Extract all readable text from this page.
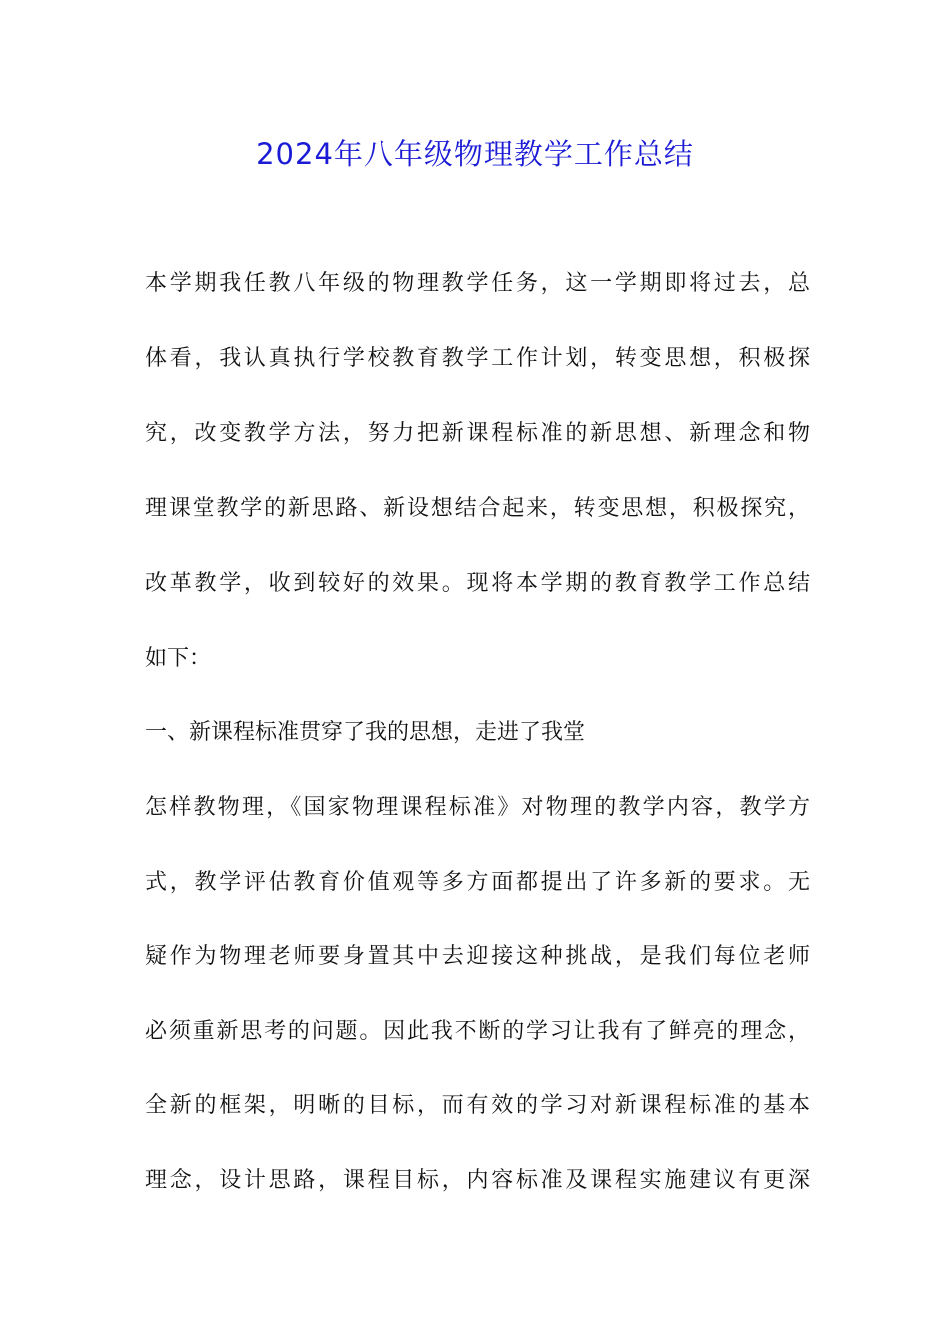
2024年八年级物理教学工作总结
本学期我任教八年级的物理教学任务，这一学期即将过去，总
体看，我认真执行学校教育教学工作计划，转变思想，积极探
究，改变教学方法，努力把新课程标准的新思想、新理念和物
理课堂教学的新思路、新设想结合起来，转变思想，积极探究，
改革教学，收到较好的效果。现将本学期的教育教学工作总结
如下：
一、新课程标准贯穿了我的思想，走进了我堂
怎样教物理，《国家物理课程标准》对物理的教学内容，教学方
式，教学评估教育价值观等多方面都提出了许多新的要求。无
疑作为物理老师要身置其中去迎接这种挑战，是我们每位老师
必须重新思考的问题。因此我不断的学习让我有了鲜亮的理念，
全新的框架，明晰的目标，而有效的学习对新课程标准的基本
理念，设计思路，课程目标，内容标准及课程实施建议有更深
